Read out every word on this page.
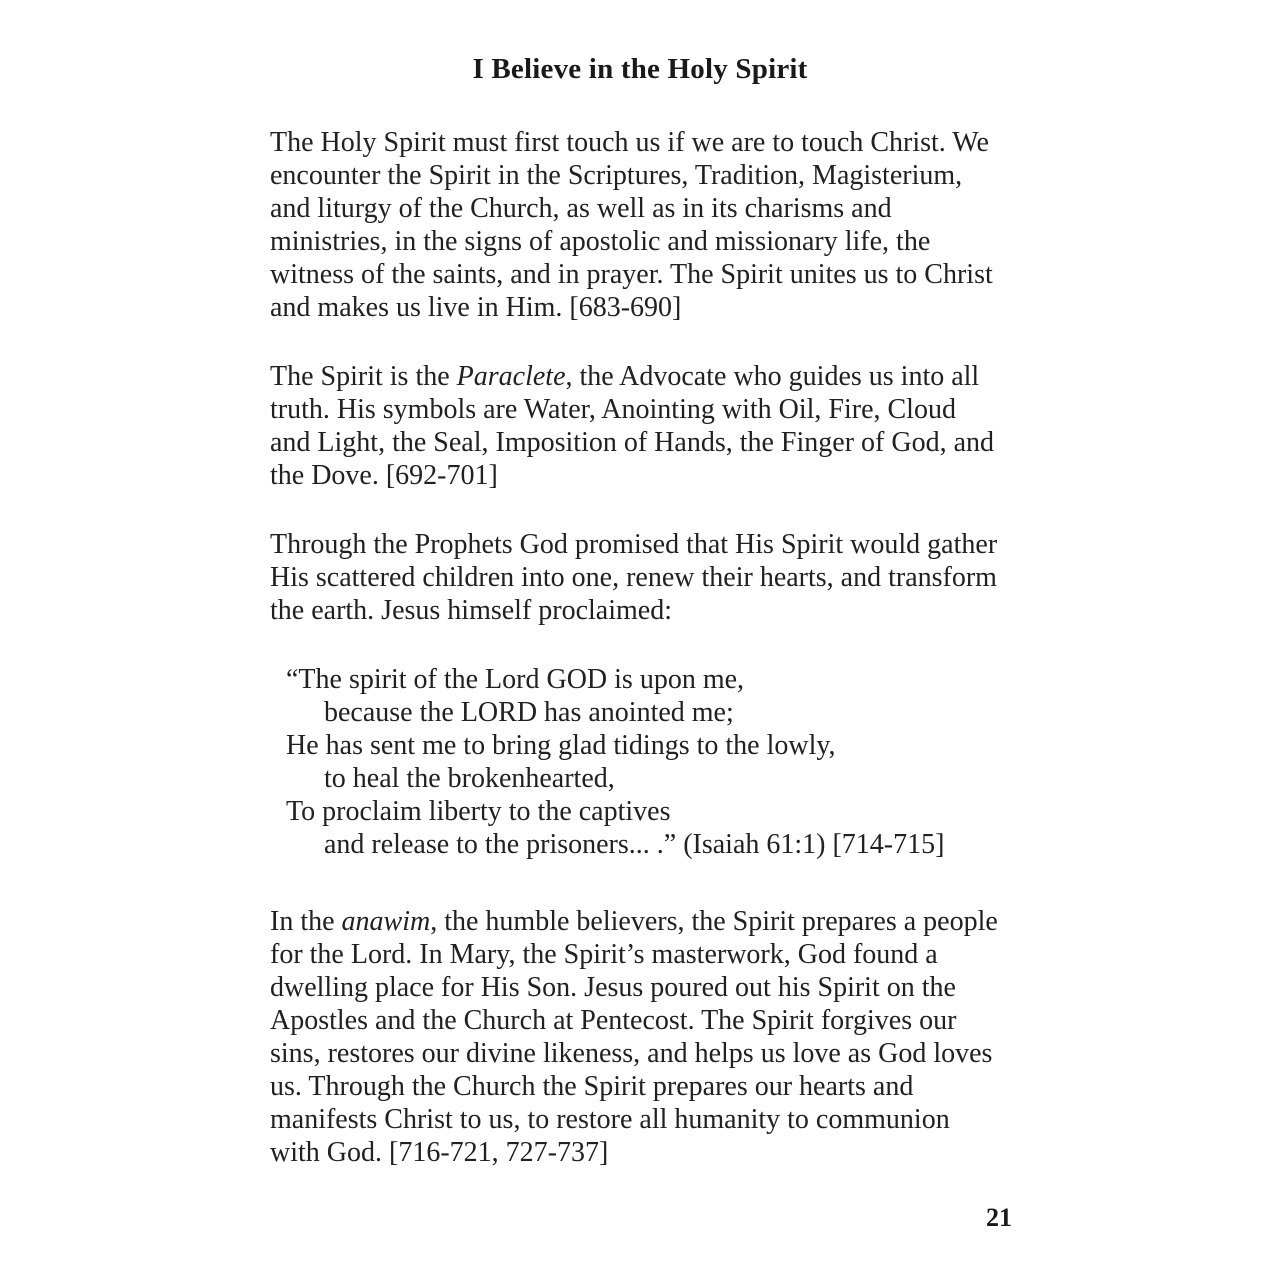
I Believe in the Holy Spirit
The Holy Spirit must first touch us if we are to touch Christ. We
encounter the Spirit in the Scriptures, Tradition, Magisterium,
and liturgy of the Church, as well as in its charisms and
ministries, in the signs of apostolic and missionary life, the
witness of the saints, and in prayer. The Spirit unites us to Christ
and makes us live in Him. [683-690]
The Spirit is the Paraclete, the Advocate who guides us into all
truth. His symbols are Water, Anointing with Oil, Fire, Cloud
and Light, the Seal, Imposition of Hands, the Finger of God, and
the Dove. [692-701]
Through the Prophets God promised that His Spirit would gather
His scattered children into one, renew their hearts, and transform
the earth. Jesus himself proclaimed:
“The spirit of the Lord GOD is upon me,
because the LORD has anointed me;
He has sent me to bring glad tidings to the lowly,
to heal the brokenhearted,
To proclaim liberty to the captives
and release to the prisoners... .” (Isaiah 61:1) [714-715]
In the anawim, the humble believers, the Spirit prepares a people
for the Lord. In Mary, the Spirit’s masterwork, God found a
dwelling place for His Son. Jesus poured out his Spirit on the
Apostles and the Church at Pentecost. The Spirit forgives our
sins, restores our divine likeness, and helps us love as God loves
us. Through the Church the Spirit prepares our hearts and
manifests Christ to us, to restore all humanity to communion
with God. [716-721, 727-737]
21
